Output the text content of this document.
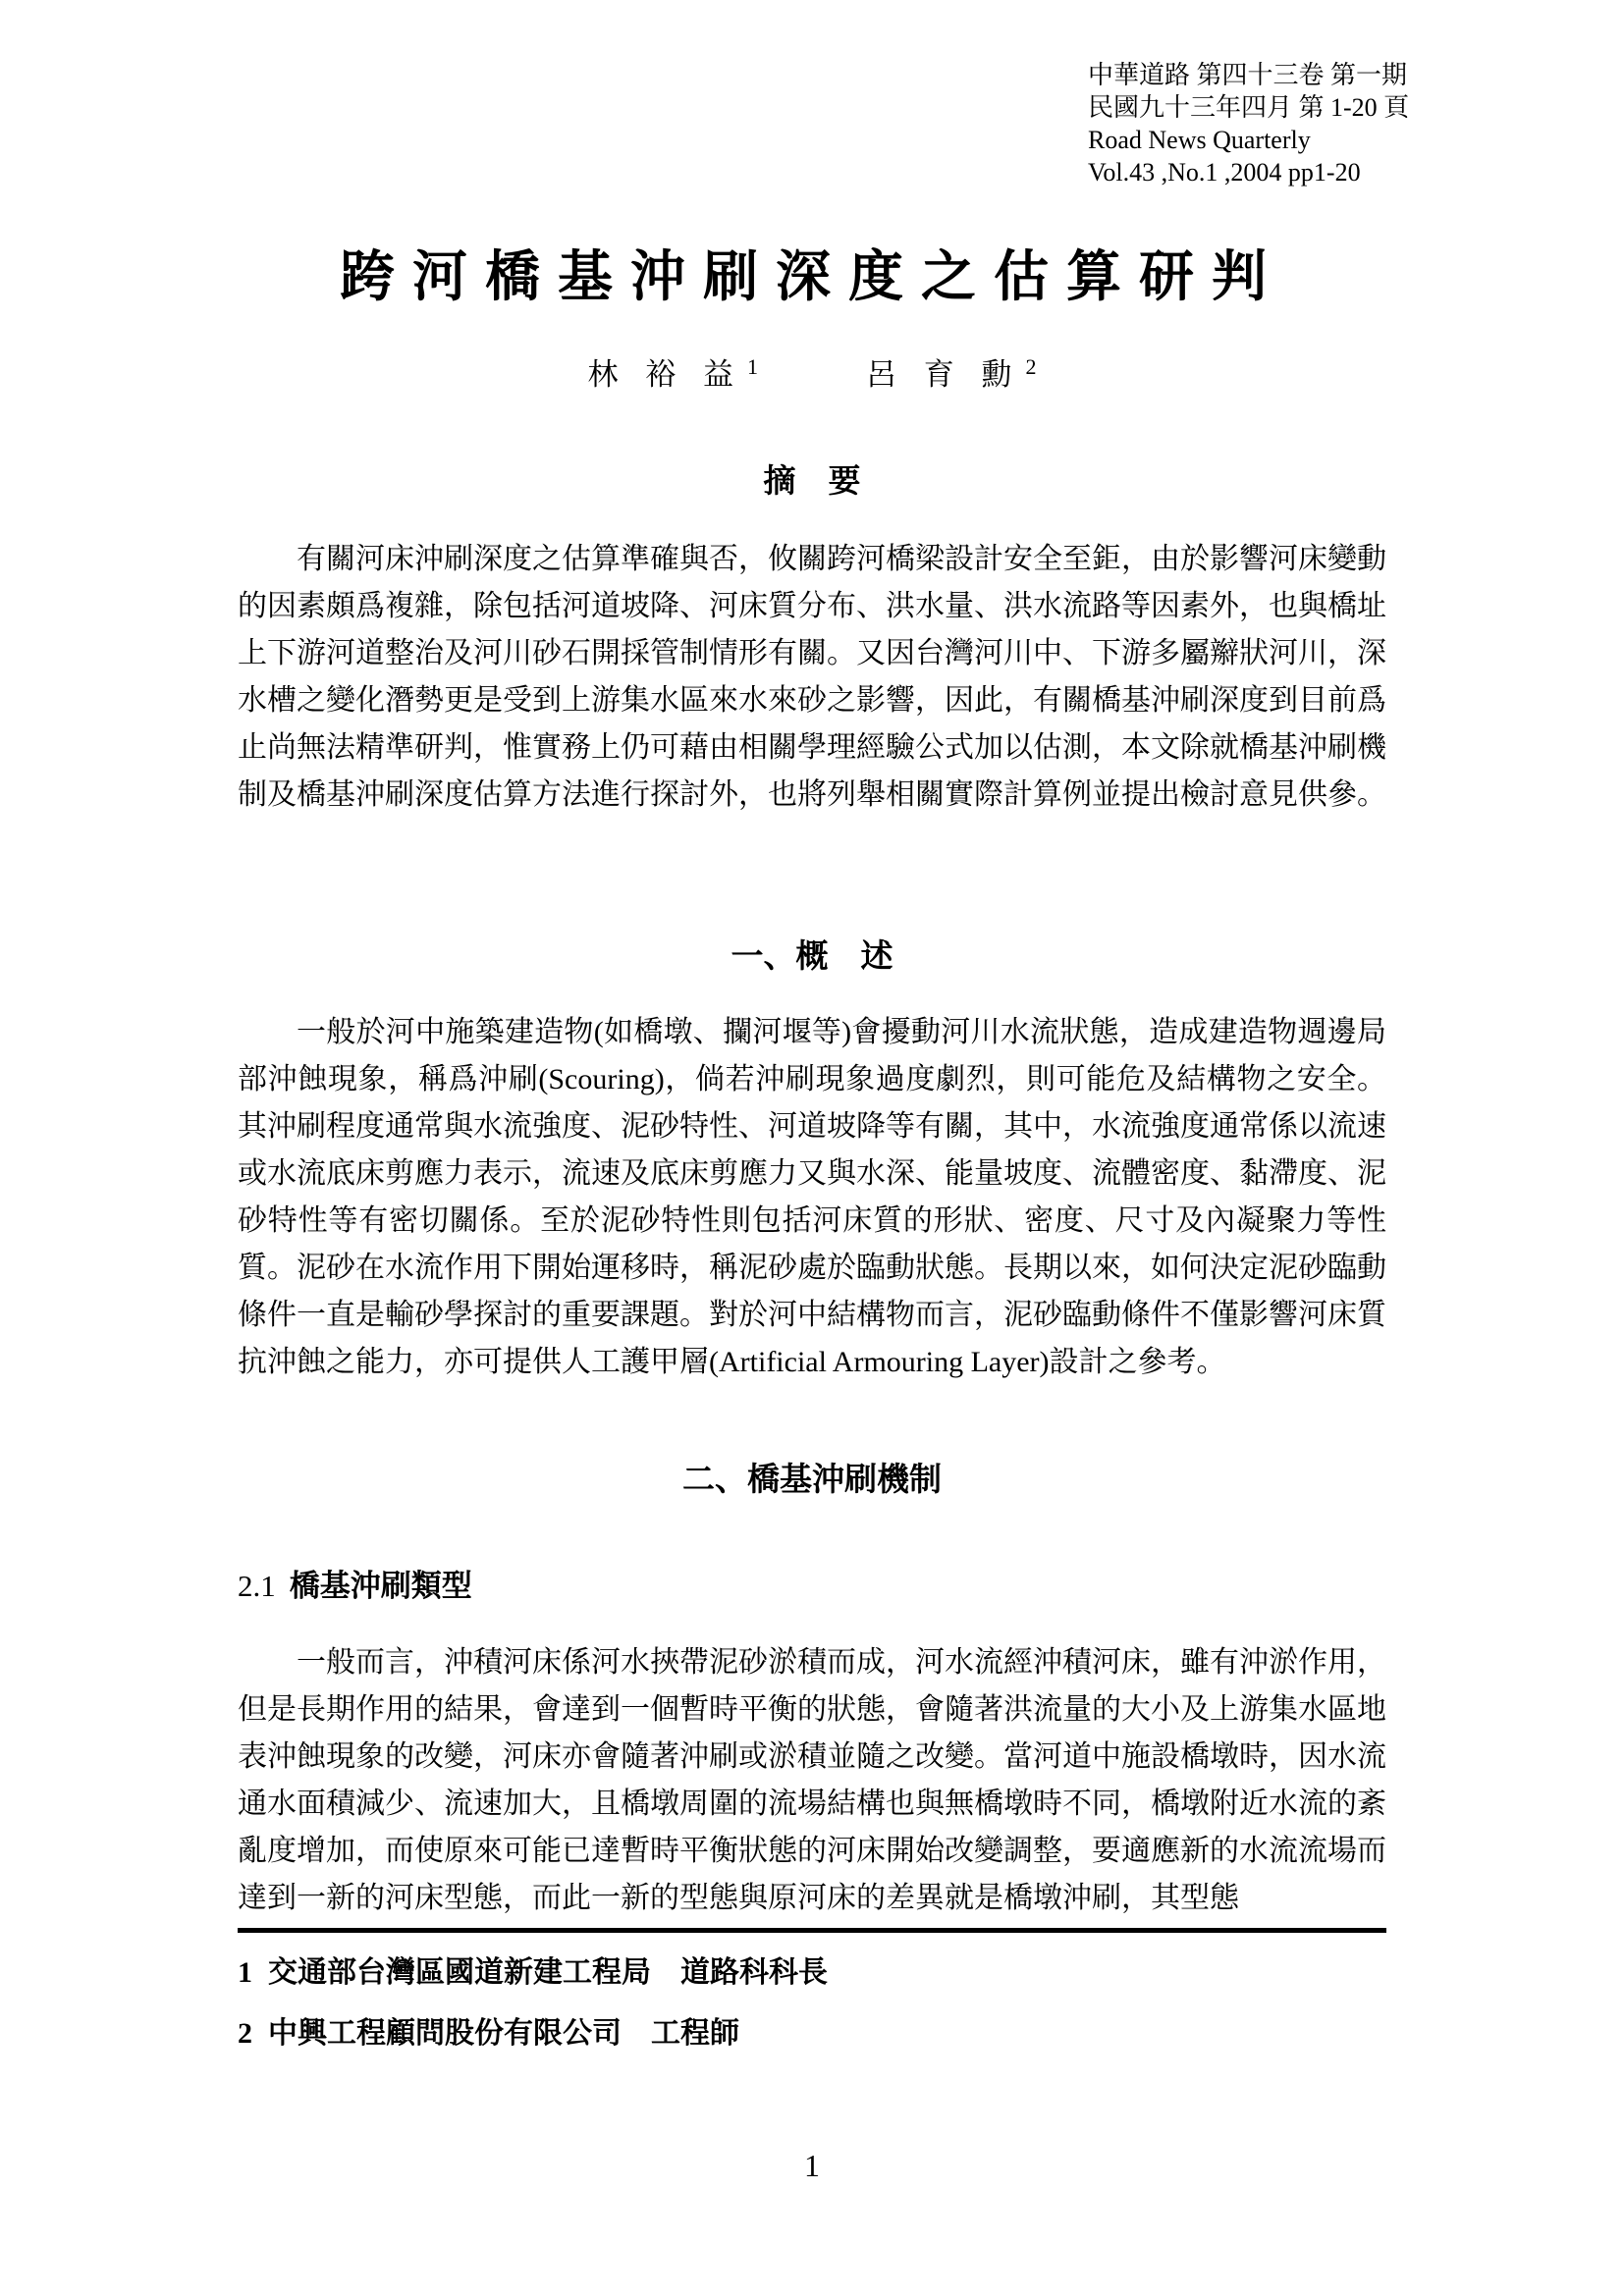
中華道路 第四十三卷 第一期
民國九十三年四月 第 1-20 頁
Road News Quarterly
Vol.43 ,No.1 ,2004 pp1-20
跨河橋基沖刷深度之估算研判
林 裕 益 $^1$	呂 育 勳 $^2$
摘　要

有關河床沖刷深度之估算準確與否，攸關跨河橋梁設計安全至鉅，由於影響河床變動的因素頗爲複雜，除包括河道坡降、河床質分布、洪水量、洪水流路等因素外，也與橋址上下游河道整治及河川砂石開採管制情形有關。又因台灣河川中、下游多屬辮狀河川，深水槽之變化潛勢更是受到上游集水區來水來砂之影響，因此，有關橋基沖刷深度到目前爲止尚無法精準研判，惟實務上仍可藉由相關學理經驗公式加以估測，本文除就橋基沖刷機制及橋基沖刷深度估算方法進行探討外，也將列舉相關實際計算例並提出檢討意見供參。

一、概　述

一般於河中施築建造物(如橋墩、攔河堰等)會擾動河川水流狀態，造成建造物週邊局部沖蝕現象，稱爲沖刷(Scouring)，倘若沖刷現象過度劇烈，則可能危及結構物之安全。其沖刷程度通常與水流強度、泥砂特性、河道坡降等有關，其中，水流強度通常係以流速或水流底床剪應力表示，流速及底床剪應力又與水深、能量坡度、流體密度、黏滯度、泥砂特性等有密切關係。至於泥砂特性則包括河床質的形狀、密度、尺寸及內凝聚力等性質。泥砂在水流作用下開始運移時，稱泥砂處於臨動狀態。長期以來，如何決定泥砂臨動條件一直是輸砂學探討的重要課題。對於河中結構物而言，泥砂臨動條件不僅影響河床質抗沖蝕之能力，亦可提供人工護甲層(Artificial Armouring Layer)設計之參考。

二、橋基沖刷機制
2.1 橋基沖刷類型

一般而言，沖積河床係河水挾帶泥砂淤積而成，河水流經沖積河床，雖有沖淤作用，但是長期作用的結果，會達到一個暫時平衡的狀態，會隨著洪流量的大小及上游集水區地表沖蝕現象的改變，河床亦會隨著沖刷或淤積並隨之改變。當河道中施設橋墩時，因水流通水面積減少、流速加大，且橋墩周圍的流場結構也與無橋墩時不同，橋墩附近水流的紊亂度增加，而使原來可能已達暫時平衡狀態的河床開始改變調整，要適應新的水流流場而達到一新的河床型態，而此一新的型態與原河床的差異就是橋墩沖刷，其型態

1 交通部台灣區國道新建工程局　道路科科長
2 中興工程顧問股份有限公司　工程師
1
